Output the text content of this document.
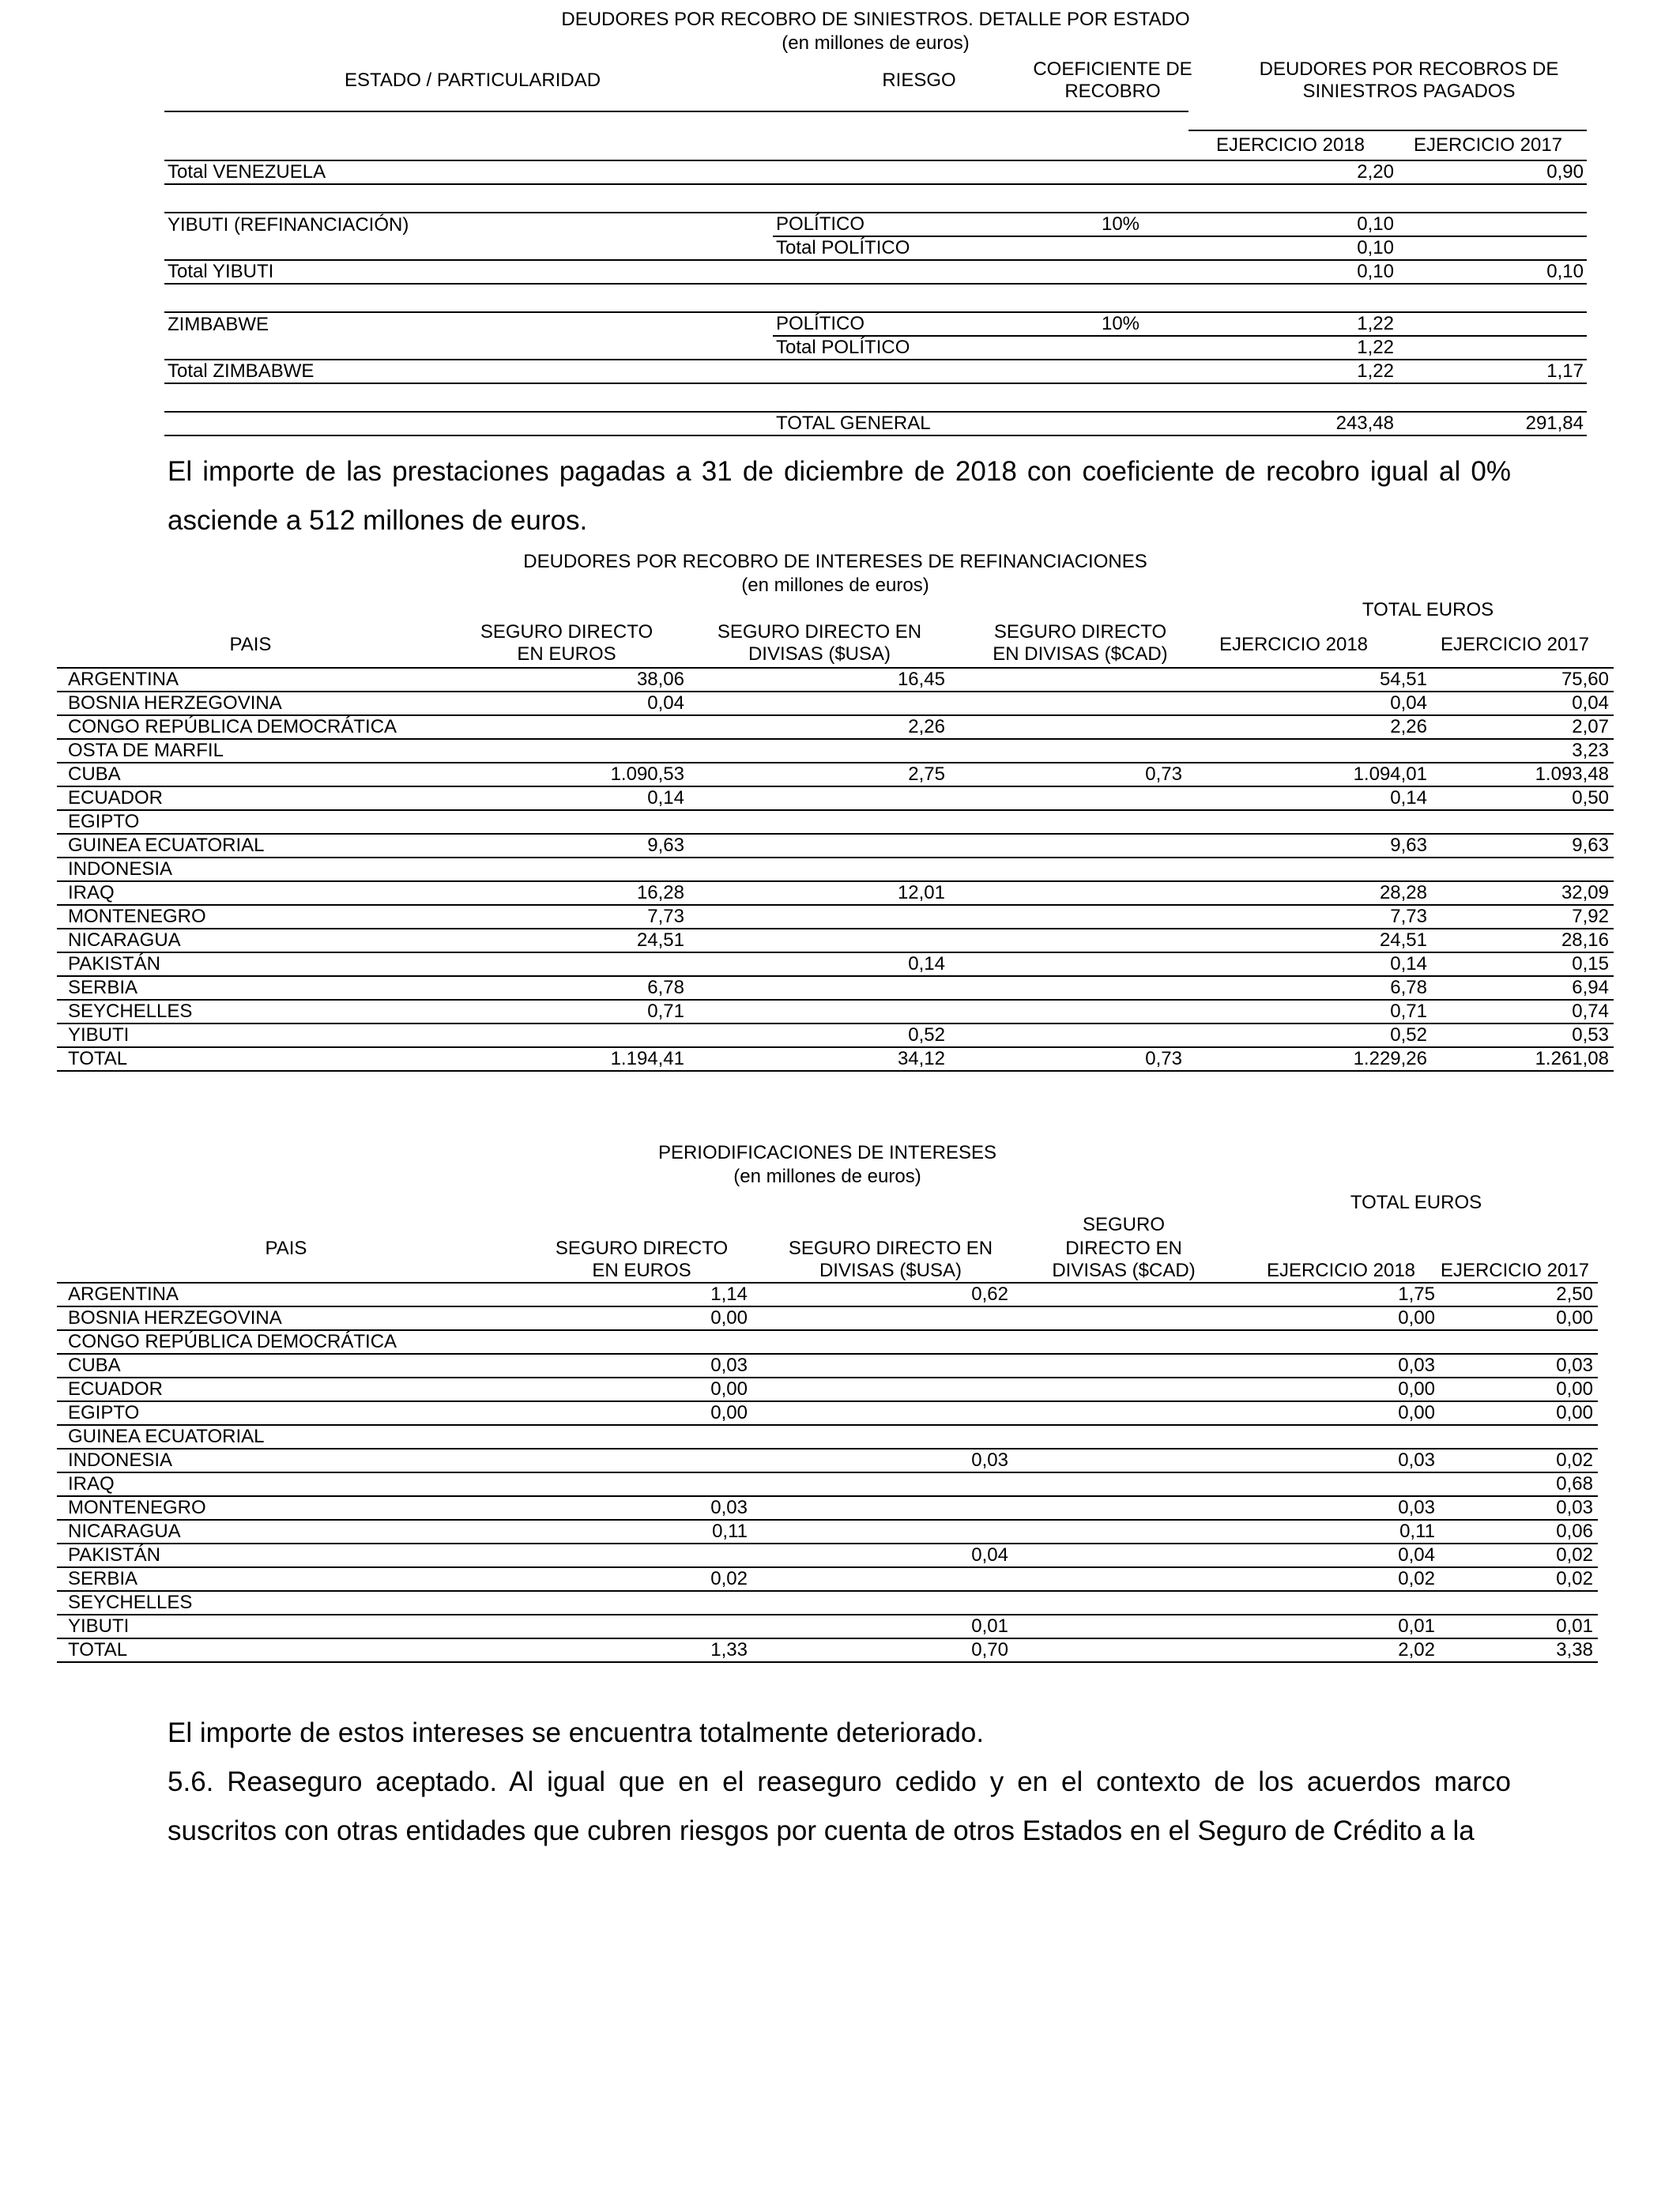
DEUDORES POR RECOBRO DE SINIESTROS. DETALLE POR ESTADO
(en millones de euros)
ESTADO / PARTICULARIDAD	RIESGO
COEFICIENTE DE
RECOBRO
DEUDORES POR RECOBROS DE
SINIESTROS PAGADOS
EJERCICIO 2018	EJERCICIO 2017
Total VENEZUELA			2,20	0,90

YIBUTI (REFINANCIACIÓN)	POLÍTICO	10%	0,10	
	Total POLÍTICO		0,10	
Total YIBUTI			0,10	0,10

ZIMBABWE	POLÍTICO	10%	1,22	
	Total POLÍTICO		1,22	
Total ZIMBABWE			1,22	1,17

	TOTAL GENERAL		243,48	291,84
El importe de las prestaciones pagadas a 31 de diciembre de 2018 con coeficiente de recobro igual al 0% asciende a 512 millones de euros.
DEUDORES POR RECOBRO DE INTERESES DE REFINANCIACIONES
(en millones de euros)
TOTAL EUROS
PAIS
SEGURO DIRECTO
EN EUROS
SEGURO DIRECTO EN
DIVISAS ($USA)
SEGURO DIRECTO
EN DIVISAS ($CAD)	EJERCICIO 2018	EJERCICIO 2017
ARGENTINA	38,06	16,45		54,51	75,60
BOSNIA HERZEGOVINA	0,04			0,04	0,04
CONGO REPÚBLICA DEMOCRÁTICA		2,26		2,26	2,07
OSTA DE MARFIL					3,23
CUBA	1.090,53	2,75	0,73	1.094,01	1.093,48
ECUADOR	0,14			0,14	0,50
EGIPTO					
GUINEA ECUATORIAL	9,63			9,63	9,63
INDONESIA					
IRAQ	16,28	12,01		28,28	32,09
MONTENEGRO	7,73			7,73	7,92
NICARAGUA	24,51			24,51	28,16
PAKISTÁN		0,14		0,14	0,15
SERBIA	6,78			6,78	6,94
SEYCHELLES	0,71			0,71	0,74
YIBUTI		0,52		0,52	0,53
TOTAL	1.194,41	34,12	0,73	1.229,26	1.261,08
PERIODIFICACIONES DE INTERESES
(en millones de euros)
TOTAL EUROS
SEGURO
PAIS	SEGURO DIRECTO
EN EUROS
SEGURO DIRECTO EN
DIVISAS ($USA)
DIRECTO EN
DIVISAS ($CAD)	EJERCICIO 2018	EJERCICIO 2017
ARGENTINA	1,14	0,62		1,75	2,50
BOSNIA HERZEGOVINA	0,00			0,00	0,00
CONGO REPÚBLICA DEMOCRÁTICA					
CUBA	0,03			0,03	0,03
ECUADOR	0,00			0,00	0,00
EGIPTO	0,00			0,00	0,00
GUINEA ECUATORIAL					
INDONESIA		0,03		0,03	0,02
IRAQ					0,68
MONTENEGRO	0,03			0,03	0,03
NICARAGUA	0,11			0,11	0,06
PAKISTÁN		0,04		0,04	0,02
SERBIA	0,02			0,02	0,02
SEYCHELLES					
YIBUTI		0,01		0,01	0,01
TOTAL	1,33	0,70		2,02	3,38
El importe de estos intereses se encuentra totalmente deteriorado.
5.6. Reaseguro aceptado. Al igual que en el reaseguro cedido y en el contexto de los acuerdos marco suscritos con otras entidades que cubren riesgos por cuenta de otros Estados en el Seguro de Crédito a la
